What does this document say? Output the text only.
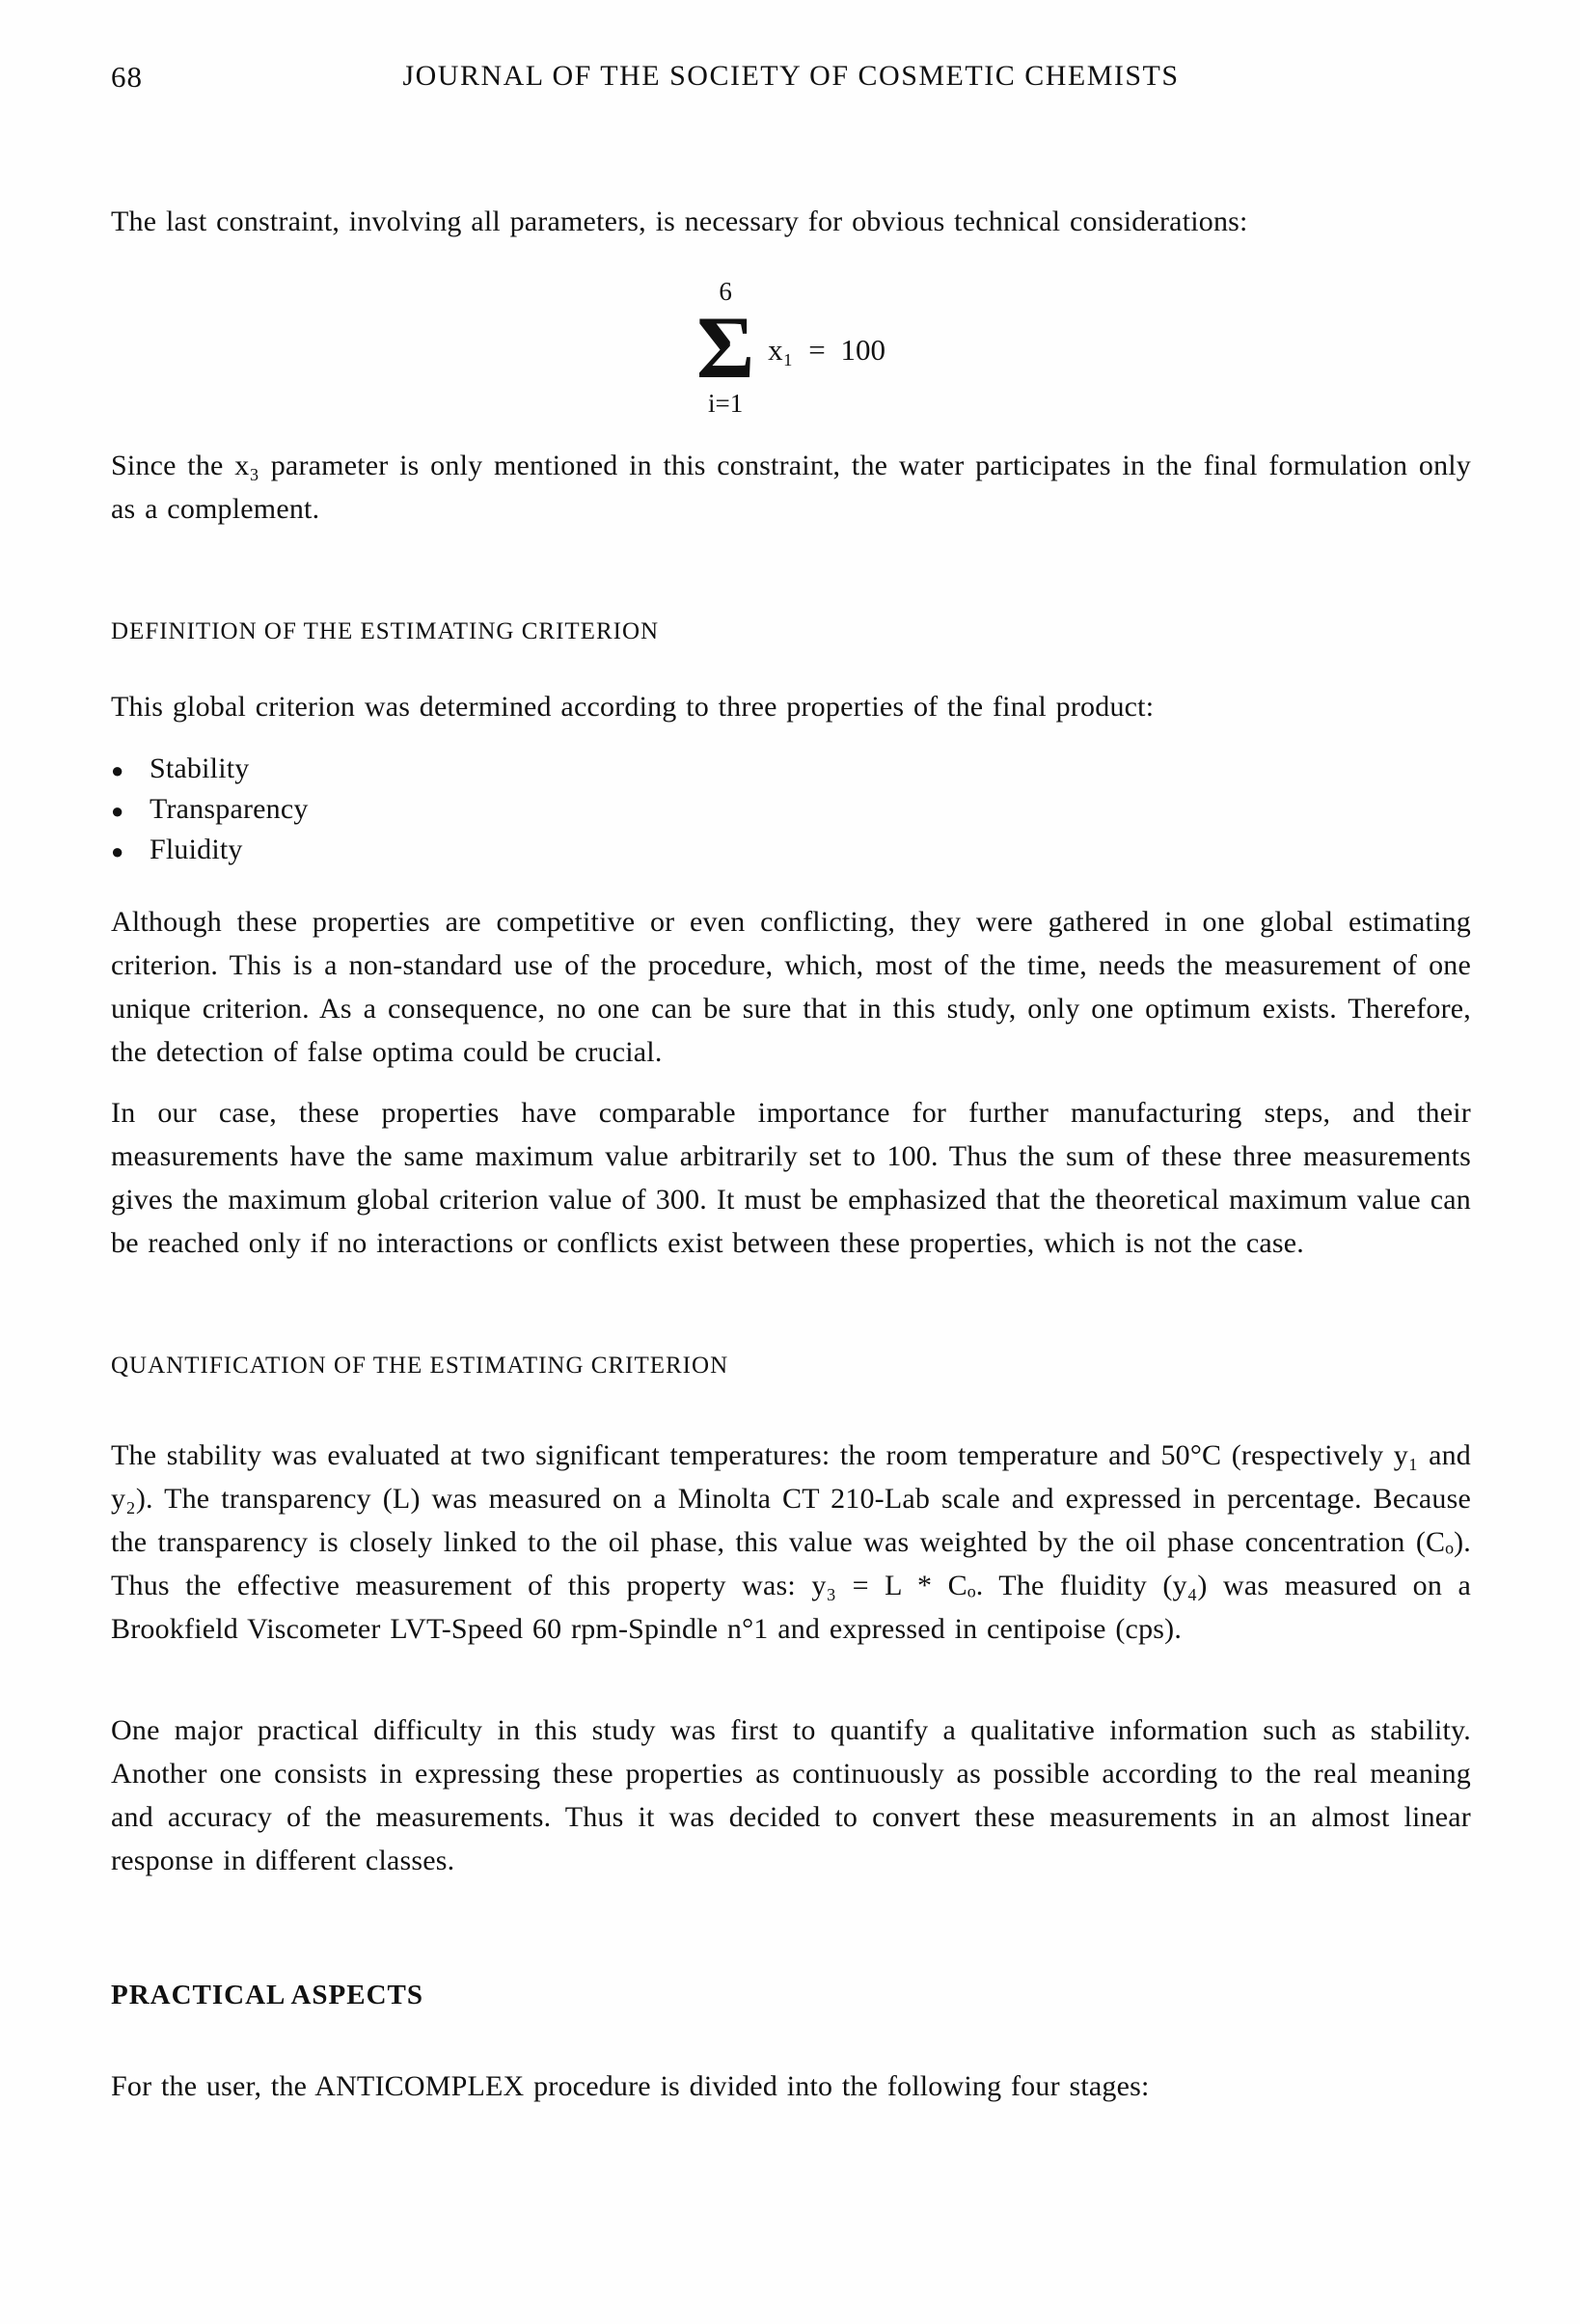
68	JOURNAL OF THE SOCIETY OF COSMETIC CHEMISTS

The last constraint, involving all parameters, is necessary for obvious technical considerations:

6
Σ
i=1
x₁ = 100

Since the x₃ parameter is only mentioned in this constraint, the water participates in the final formulation only as a complement.

DEFINITION OF THE ESTIMATING CRITERION

This global criterion was determined according to three properties of the final product:

● Stability
● Transparency
● Fluidity

Although these properties are competitive or even conflicting, they were gathered in one global estimating criterion. This is a non-standard use of the procedure, which, most of the time, needs the measurement of one unique criterion. As a consequence, no one can be sure that in this study, only one optimum exists. Therefore, the detection of false optima could be crucial.

In our case, these properties have comparable importance for further manufacturing steps, and their measurements have the same maximum value arbitrarily set to 100. Thus the sum of these three measurements gives the maximum global criterion value of 300. It must be emphasized that the theoretical maximum value can be reached only if no interactions or conflicts exist between these properties, which is not the case.

QUANTIFICATION OF THE ESTIMATING CRITERION

The stability was evaluated at two significant temperatures: the room temperature and 50°C (respectively y₁ and y₂). The transparency (L) was measured on a Minolta CT 210-Lab scale and expressed in percentage. Because the transparency is closely linked to the oil phase, this value was weighted by the oil phase concentration (Cₒ). Thus the effective measurement of this property was: y₃ = L * Cₒ. The fluidity (y₄) was measured on a Brookfield Viscometer LVT-Speed 60 rpm-Spindle n°1 and expressed in centipoise (cps).

One major practical difficulty in this study was first to quantify a qualitative information such as stability. Another one consists in expressing these properties as continuously as possible according to the real meaning and accuracy of the measurements. Thus it was decided to convert these measurements in an almost linear response in different classes.

PRACTICAL ASPECTS

For the user, the ANTICOMPLEX procedure is divided into the following four stages:
